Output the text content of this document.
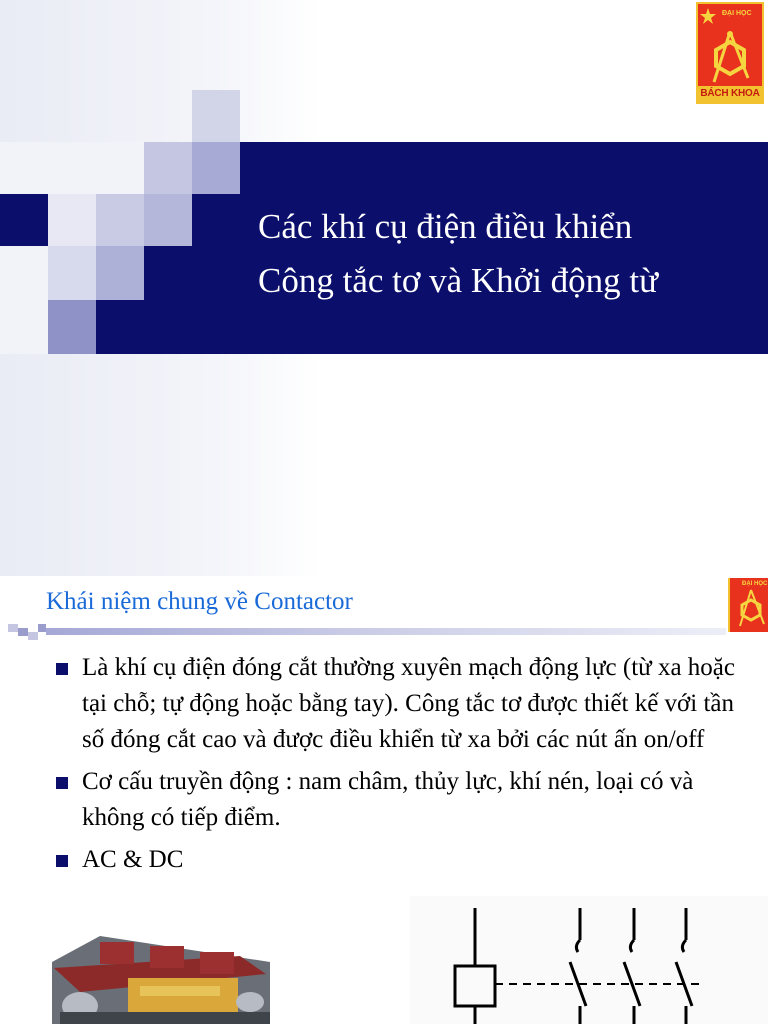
Các khí cụ điện điều khiển
Công tắc tơ và Khởi động từ
ĐẠI HỌC
BÁCH KHOA
Khái niệm chung về Contactor
ĐẠI HỌC
Là khí cụ điện đóng cắt thường xuyên mạch động lực (từ xa hoặc tại chỗ; tự động hoặc bằng tay). Công tắc tơ được thiết kế với tần số đóng cắt cao và được điều khiển từ xa bởi các nút ấn on/off
Cơ cấu truyền động : nam châm, thủy lực, khí nén, loại có và không có tiếp điểm.
AC & DC
